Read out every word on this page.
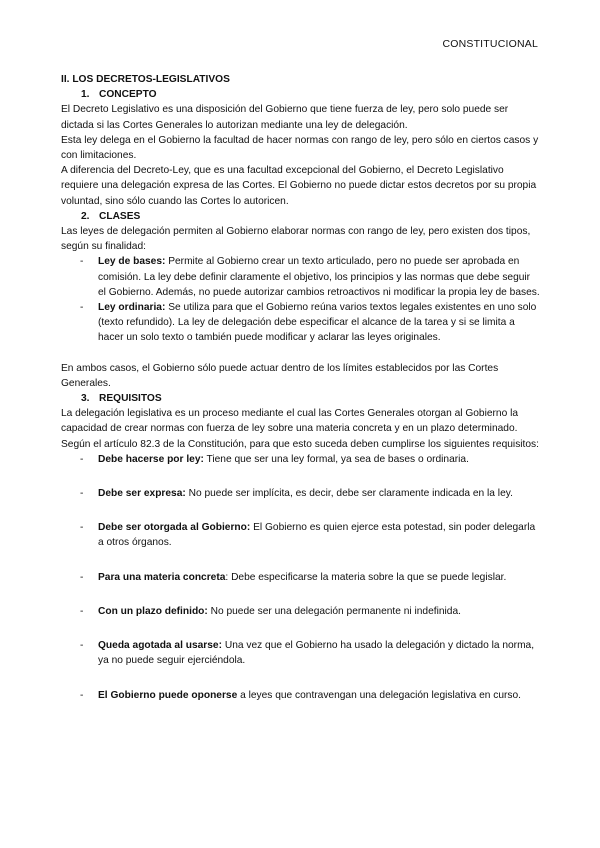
CONSTITUCIONAL
II. LOS DECRETOS-LEGISLATIVOS
1. CONCEPTO

El Decreto Legislativo es una disposición del Gobierno que tiene fuerza de ley, pero solo puede ser dictada si las Cortes Generales lo autorizan mediante una ley de delegación.

Esta ley delega en el Gobierno la facultad de hacer normas con rango de ley, pero sólo en ciertos casos y con limitaciones.

A diferencia del Decreto-Ley, que es una facultad excepcional del Gobierno, el Decreto Legislativo requiere una delegación expresa de las Cortes. El Gobierno no puede dictar estos decretos por su propia voluntad, sino sólo cuando las Cortes lo autoricen.

2. CLASES

Las leyes de delegación permiten al Gobierno elaborar normas con rango de ley, pero existen dos tipos, según su finalidad:

- Ley de bases: Permite al Gobierno crear un texto articulado, pero no puede ser aprobada en comisión. La ley debe definir claramente el objetivo, los principios y las normas que debe seguir el Gobierno. Además, no puede autorizar cambios retroactivos ni modificar la propia ley de bases.
- Ley ordinaria: Se utiliza para que el Gobierno reúna varios textos legales existentes en uno solo (texto refundido). La ley de delegación debe especificar el alcance de la tarea y si se limita a hacer un solo texto o también puede modificar y aclarar las leyes originales.

En ambos casos, el Gobierno sólo puede actuar dentro de los límites establecidos por las Cortes Generales.

3. REQUISITOS

La delegación legislativa es un proceso mediante el cual las Cortes Generales otorgan al Gobierno la capacidad de crear normas con fuerza de ley sobre una materia concreta y en un plazo determinado.

Según el artículo 82.3 de la Constitución, para que esto suceda deben cumplirse los siguientes requisitos:

- Debe hacerse por ley: Tiene que ser una ley formal, ya sea de bases o ordinaria.
- Debe ser expresa: No puede ser implícita, es decir, debe ser claramente indicada en la ley.
- Debe ser otorgada al Gobierno: El Gobierno es quien ejerce esta potestad, sin poder delegarla a otros órganos.
- Para una materia concreta: Debe especificarse la materia sobre la que se puede legislar.
- Con un plazo definido: No puede ser una delegación permanente ni indefinida.
- Queda agotada al usarse: Una vez que el Gobierno ha usado la delegación y dictado la norma, ya no puede seguir ejerciéndola.
- El Gobierno puede oponerse a leyes que contravengan una delegación legislativa en curso.
